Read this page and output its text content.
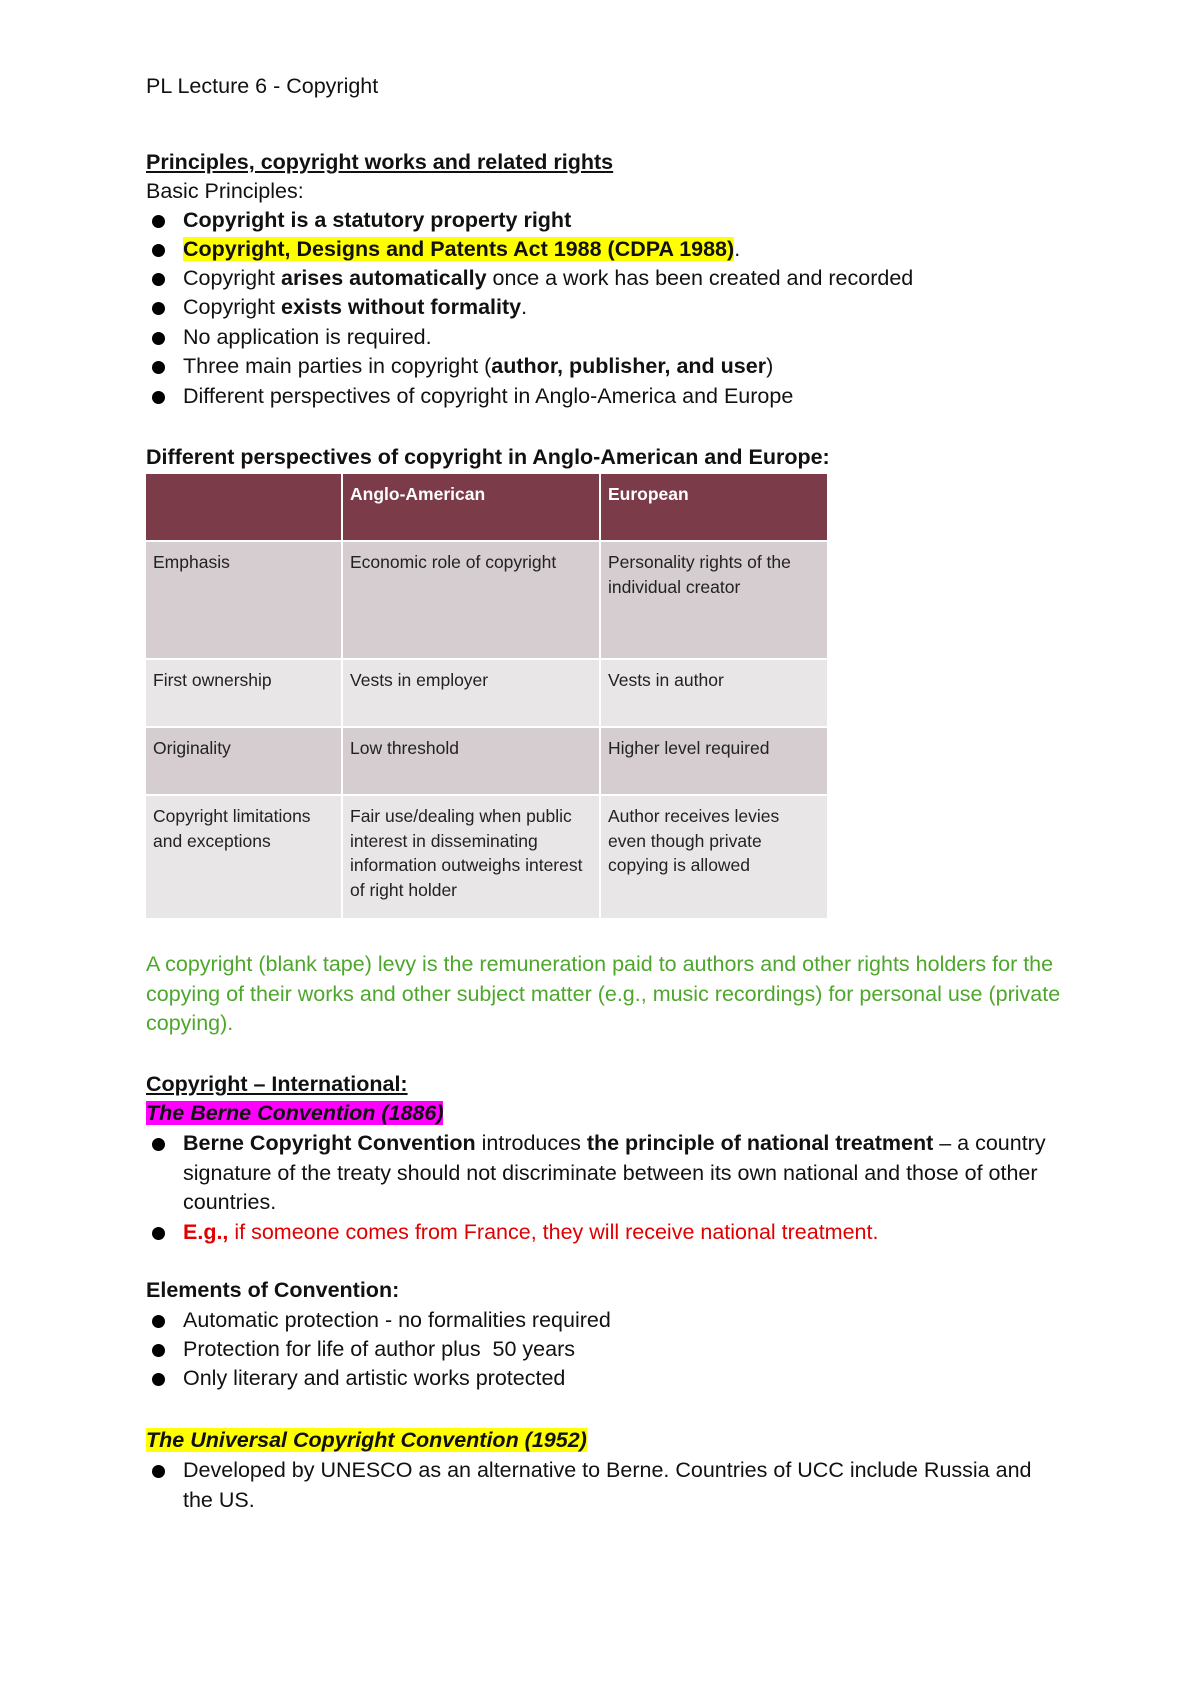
PL Lecture 6 - Copyright
Principles, copyright works and related rights
Basic Principles:
Copyright is a statutory property right
Copyright, Designs and Patents Act 1988 (CDPA 1988).
Copyright arises automatically once a work has been created and recorded
Copyright exists without formality.
No application is required.
Three main parties in copyright (author, publisher, and user)
Different perspectives of copyright in Anglo-America and Europe
Different perspectives of copyright in Anglo-American and Europe:
	Anglo-American	European
Emphasis	Economic role of copyright	Personality rights of the individual creator
First ownership	Vests in employer	Vests in author
Originality	Low threshold	Higher level required
Copyright limitations and exceptions	Fair use/dealing when public interest in disseminating information outweighs interest of right holder	Author receives levies even though private copying is allowed
A copyright (blank tape) levy is the remuneration paid to authors and other rights holders for the copying of their works and other subject matter (e.g., music recordings) for personal use (private copying).
Copyright – International:
The Berne Convention (1886)
Berne Copyright Convention introduces the principle of national treatment – a country signature of the treaty should not discriminate between its own national and those of other countries.
E.g., if someone comes from France, they will receive national treatment.
Elements of Convention:
Automatic protection - no formalities required
Protection for life of author plus  50 years
Only literary and artistic works protected
The Universal Copyright Convention (1952)
Developed by UNESCO as an alternative to Berne. Countries of UCC include Russia and the US.
